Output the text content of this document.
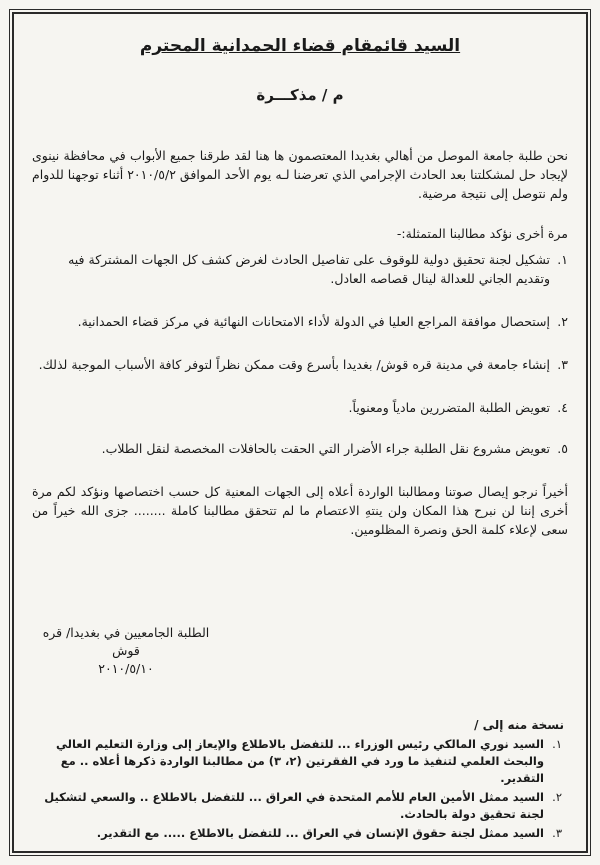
السيد قائمقام قضاء الحمدانية المحترم
م / مذكـــرة
نحن طلبة جامعة الموصل من أهالي بغديدا المعتصمون ها هنا لقد طرقنا جميع الأبواب في محافظة نينوى لإيجاد حل لمشكلتنا بعد الحادث الإجرامي الذي تعرضنا لـه يوم الأحد الموافق ٢٠١٠/٥/٢ أثناء توجهنا للدوام ولم نتوصل إلى نتيجة مرضية.
مرة أخرى نؤكد مطالبنا المتمثلة:-
١.
تشكيل لجنة تحقيق دولية للوقوف على تفاصيل الحادث لغرض كشف كل الجهات المشتركة فيه وتقديم الجاني للعدالة لينال قصاصه العادل.
٢.
إستحصال موافقة المراجع العليا في الدولة لأداء الامتحانات النهائية في مركز قضاء الحمدانية.
٣.
إنشاء جامعة في مدينة قره قوش/ بغديدا بأسرع وقت ممكن نظراً لتوفر كافة الأسباب الموجبة لذلك.
٤.
تعويض الطلبة المتضررين مادياً ومعنوياً.
٥.
تعويض مشروع نقل الطلبة جراء الأضرار التي الحقت بالحافلات المخصصة لنقل الطلاب.
أخيراً نرجو إيصال صوتنا ومطالبنا الواردة أعلاه إلى الجهات المعنية كل حسب اختصاصها ونؤكد لكم مرة أخرى إننا لن نبرح هذا المكان ولن ينتهِ الاعتصام ما لم تتحقق مطالبنا كاملة ........ جزى الله خيراً من سعى لإعلاء كلمة الحق ونصرة المظلومين.
الطلبة الجامعيين في بغديدا/ قره قوش
٢٠١٠/٥/١٠
نسخة منه إلى /
١.
السيد نوري المالكي رئيس الوزراء ... للتفضل بالاطلاع والإيعاز إلى وزارة التعليم العالي والبحث العلمي لتنفيذ ما ورد في الفقرتين (٢، ٣) من مطالبنا الواردة ذكرها أعلاه .. مع التقدير.
٢.
السيد ممثل الأمين العام للأمم المتحدة في العراق ... للتفضل بالاطلاع .. والسعي لتشكيل لجنة تحقيق دولة بالحادث.
٣.
السيد ممثل لجنة حقوق الإنسان في العراق ... للتفضل بالاطلاع ..... مع التقدير.
